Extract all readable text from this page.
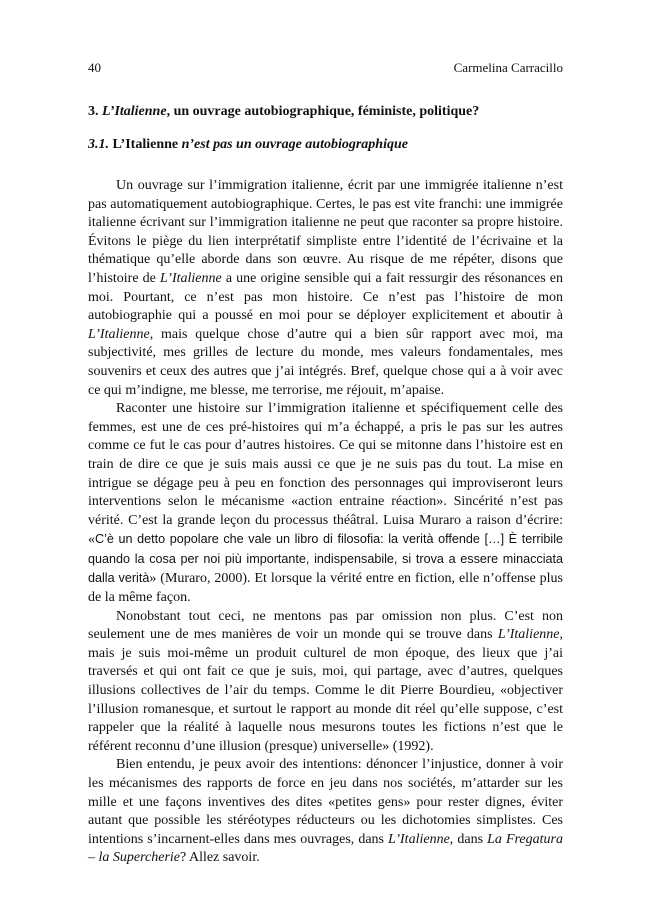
40	Carmelina Carracillo
3. L’Italienne, un ouvrage autobiographique, féministe, politique?
3.1. L’Italienne n’est pas un ouvrage autobiographique

Un ouvrage sur l’immigration italienne, écrit par une immigrée italienne n’est pas automatiquement autobiographique. Certes, le pas est vite franchi: une immigrée italienne écrivant sur l’immigration italienne ne peut que raconter sa propre histoire. Évitons le piège du lien interprétatif simpliste entre l’identité de l’écrivaine et la thématique qu’elle aborde dans son œuvre. Au risque de me répéter, disons que l’histoire de L’Italienne a une origine sensible qui a fait ressurgir des résonances en moi. Pourtant, ce n’est pas mon histoire. Ce n’est pas l’histoire de mon autobiographie qui a poussé en moi pour se déployer explicitement et aboutir à L’Italienne, mais quelque chose d’autre qui a bien sûr rapport avec moi, ma subjectivité, mes grilles de lecture du monde, mes valeurs fondamentales, mes souvenirs et ceux des autres que j’ai intégrés. Bref, quelque chose qui a à voir avec ce qui m’indigne, me blesse, me terrorise, me réjouit, m’apaise.

Raconter une histoire sur l’immigration italienne et spécifiquement celle des femmes, est une de ces pré-histoires qui m’a échappé, a pris le pas sur les autres comme ce fut le cas pour d’autres histoires. Ce qui se mitonne dans l’histoire est en train de dire ce que je suis mais aussi ce que je ne suis pas du tout. La mise en intrigue se dégage peu à peu en fonction des personnages qui improviseront leurs interventions selon le mécanisme «action entraine réaction». Sincérité n’est pas vérité. C’est la grande leçon du processus théâtral. Luisa Muraro a raison d’écrire: «C’è un detto popolare che vale un libro di filosofia: la verità offende […] È terribile quando la cosa per noi più importante, indispensabile, si trova a essere minacciata dalla verità» (Muraro, 2000). Et lorsque la vérité entre en fiction, elle n’offense plus de la même façon.

Nonobstant tout ceci, ne mentons pas par omission non plus. C’est non seulement une de mes manières de voir un monde qui se trouve dans L’Italienne, mais je suis moi-même un produit culturel de mon époque, des lieux que j’ai traversés et qui ont fait ce que je suis, moi, qui partage, avec d’autres, quelques illusions collectives de l’air du temps. Comme le dit Pierre Bourdieu, «objectiver l’illusion romanesque, et surtout le rapport au monde dit réel qu’elle suppose, c’est rappeler que la réalité à laquelle nous mesurons toutes les fictions n’est que le référent reconnu d’une illusion (presque) universelle» (1992).

Bien entendu, je peux avoir des intentions: dénoncer l’injustice, donner à voir les mécanismes des rapports de force en jeu dans nos sociétés, m’attarder sur les mille et une façons inventives des dites «petites gens» pour rester dignes, éviter autant que possible les stéréotypes réducteurs ou les dichotomies simplistes. Ces intentions s’incarnent-elles dans mes ouvrages, dans L’Italienne, dans La Fregatura – la Supercherie? Allez savoir.
